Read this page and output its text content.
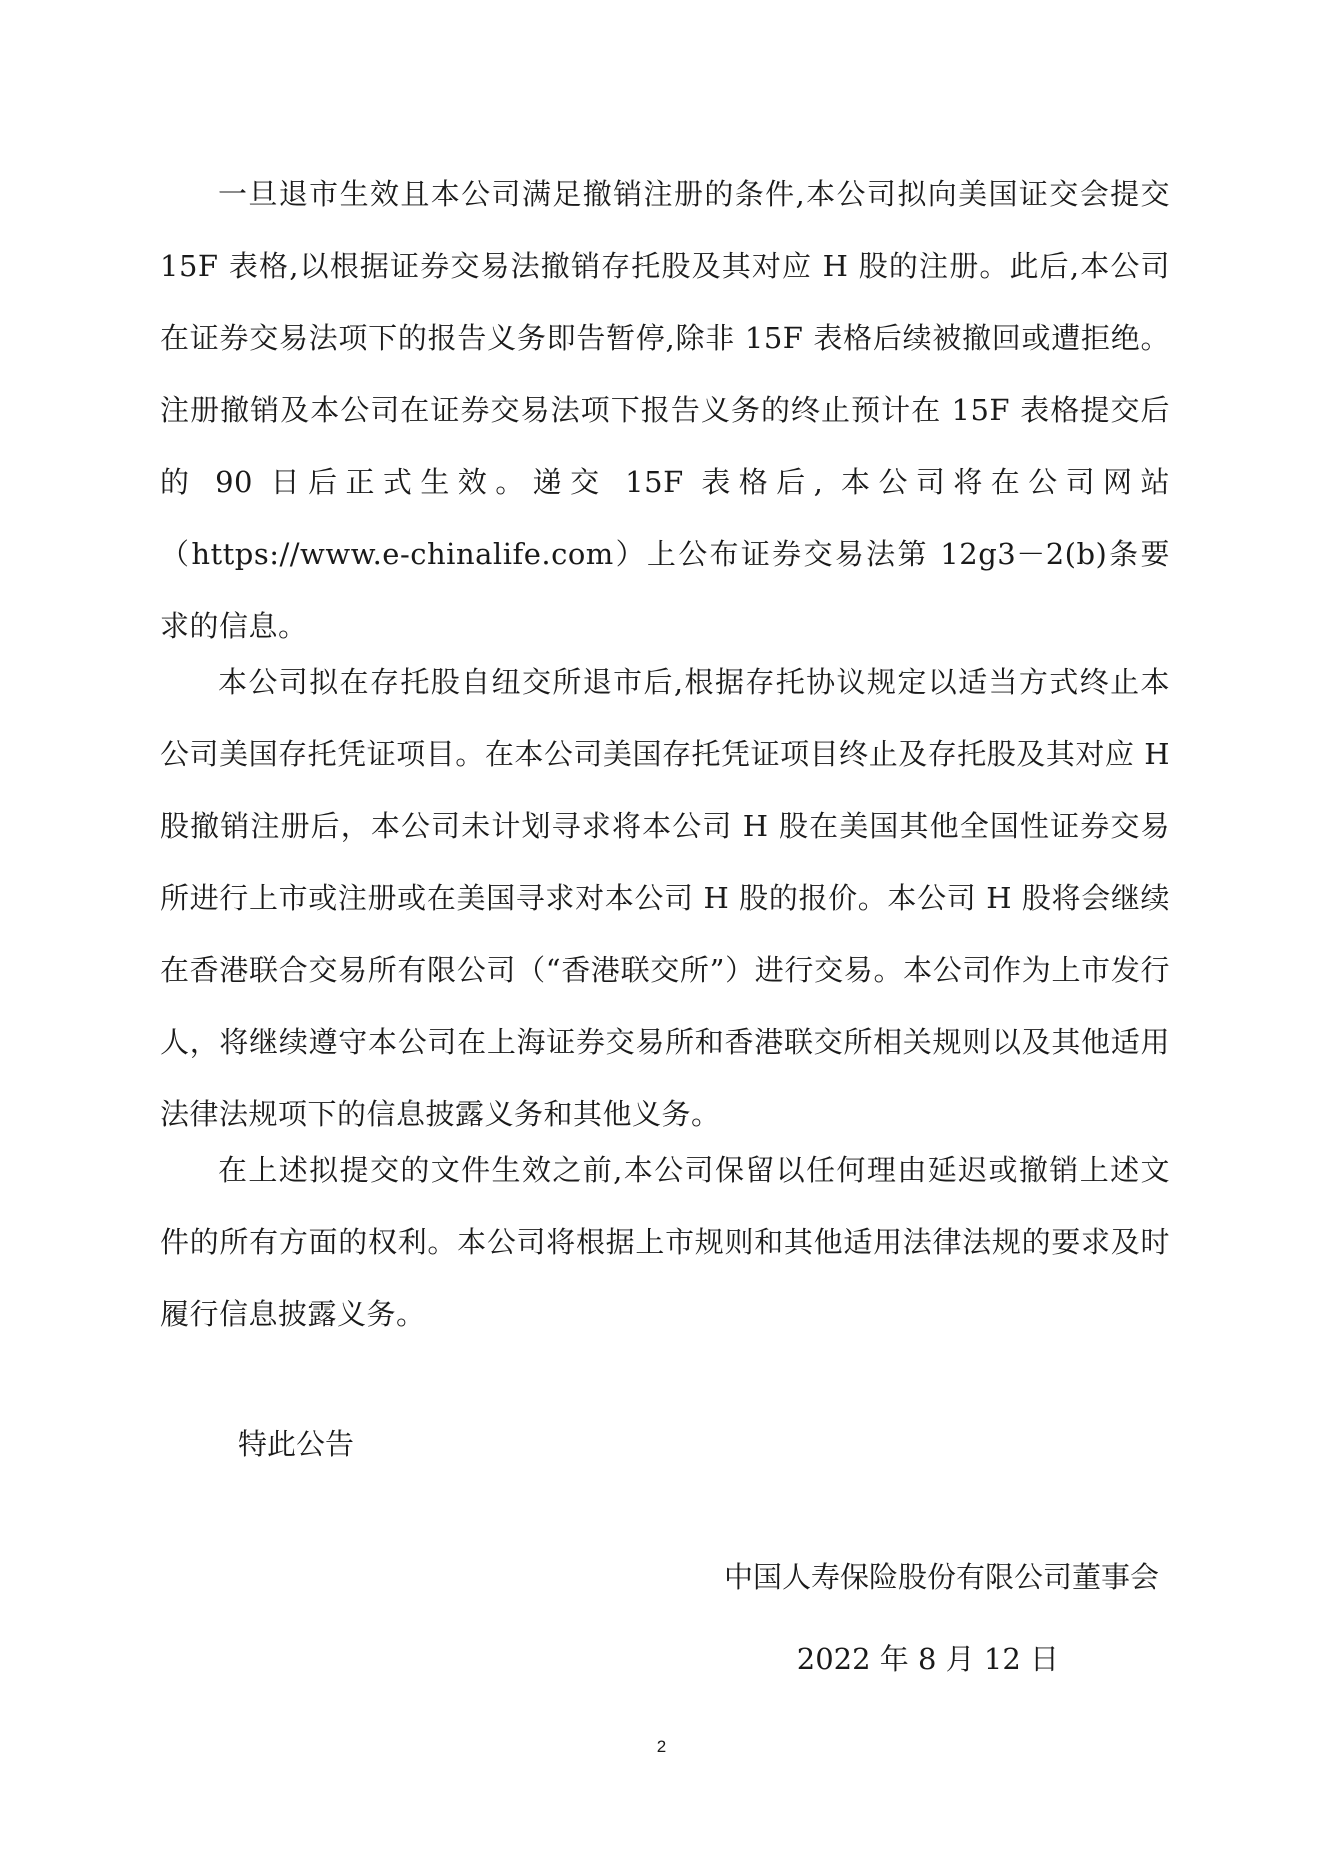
一旦退市生效且本公司满足撤销注册的条件,本公司拟向美国证交会提交 15F 表格,以根据证券交易法撤销存托股及其对应 H 股的注册。此后,本公司在证券交易法项下的报告义务即告暂停,除非 15F 表格后续被撤回或遭拒绝。注册撤销及本公司在证券交易法项下报告义务的终止预计在 15F 表格提交后的 90 日后正式生效。递交 15F 表格后, 本公司将在公司网站（https://www.e-chinalife.com）上公布证券交易法第 12g3－2(b)条要求的信息。

本公司拟在存托股自纽交所退市后,根据存托协议规定以适当方式终止本公司美国存托凭证项目。在本公司美国存托凭证项目终止及存托股及其对应 H 股撤销注册后，本公司未计划寻求将本公司 H 股在美国其他全国性证券交易所进行上市或注册或在美国寻求对本公司 H 股的报价。本公司 H 股将会继续在香港联合交易所有限公司（“香港联交所”）进行交易。本公司作为上市发行人，将继续遵守本公司在上海证券交易所和香港联交所相关规则以及其他适用法律法规项下的信息披露义务和其他义务。

在上述拟提交的文件生效之前,本公司保留以任何理由延迟或撤销上述文件的所有方面的权利。本公司将根据上市规则和其他适用法律法规的要求及时履行信息披露义务。

特此公告

中国人寿保险股份有限公司董事会

2022 年 8 月 12 日

2
